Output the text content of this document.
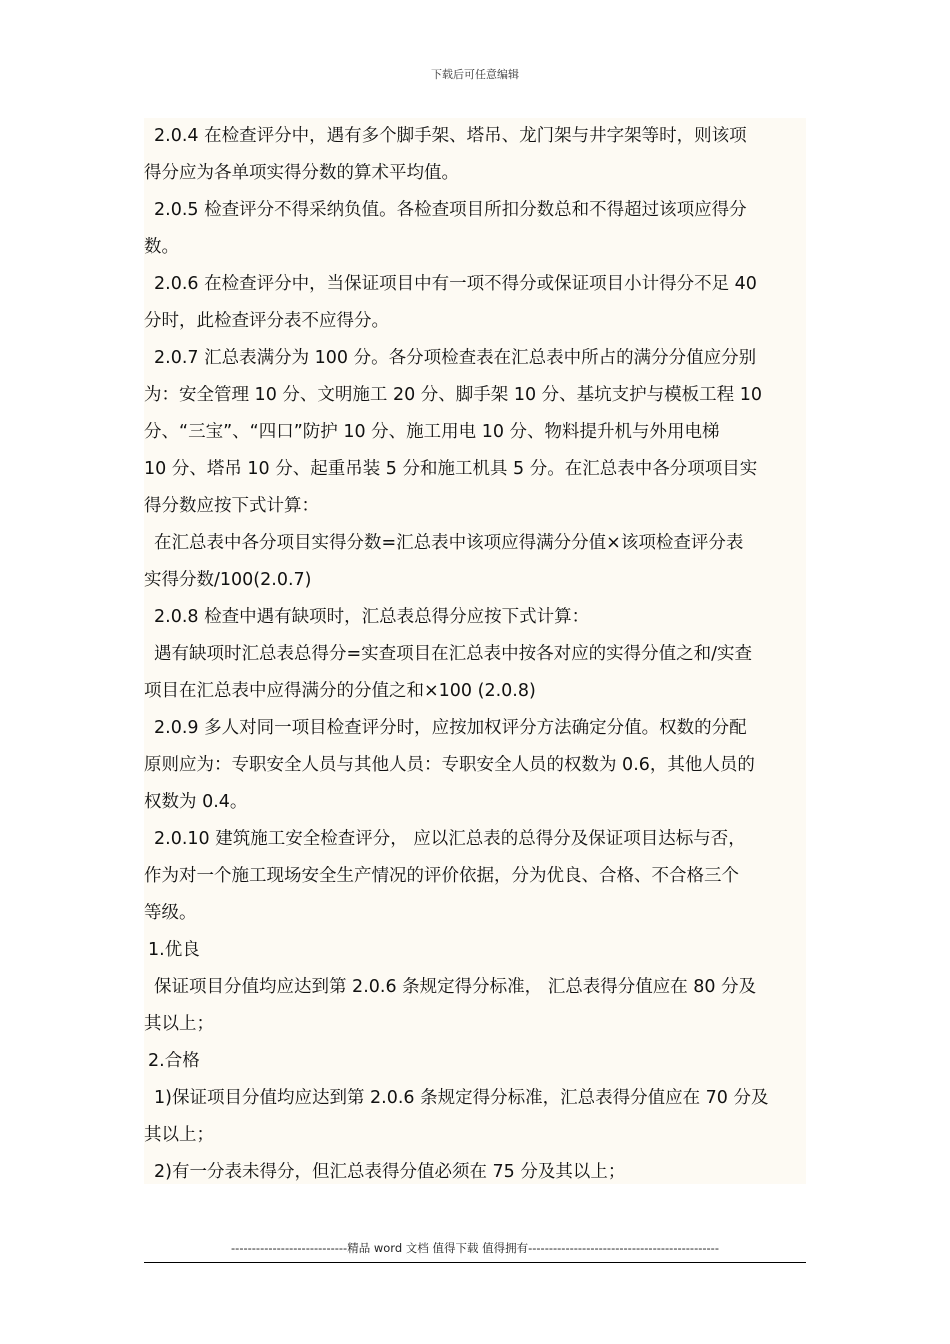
下载后可任意编辑

2.0.4 在检查评分中，遇有多个脚手架、塔吊、龙门架与井字架等时，则该项

得分应为各单项实得分数的算术平均值。

2.0.5 检查评分不得采纳负值。各检查项目所扣分数总和不得超过该项应得分

数。

2.0.6 在检查评分中，当保证项目中有一项不得分或保证项目小计得分不足 40

分时，此检查评分表不应得分。

2.0.7 汇总表满分为 100 分。各分项检查表在汇总表中所占的满分分值应分别

为：安全管理 10 分、文明施工 20 分、脚手架 10 分、基坑支护与模板工程 10

分、“三宝”、“四口”防护 10 分、施工用电 10 分、物料提升机与外用电梯

10 分、塔吊 10 分、起重吊装 5 分和施工机具 5 分。在汇总表中各分项项目实

得分数应按下式计算：

在汇总表中各分项目实得分数=汇总表中该项应得满分分值×该项检查评分表

实得分数/100(2.0.7)

2.0.8 检查中遇有缺项时，汇总表总得分应按下式计算：

遇有缺项时汇总表总得分=实查项目在汇总表中按各对应的实得分值之和/实查

项目在汇总表中应得满分的分值之和×100 (2.0.8)

2.0.9 多人对同一项目检查评分时，应按加权评分方法确定分值。权数的分配

原则应为：专职安全人员与其他人员：专职安全人员的权数为 0.6，其他人员的

权数为 0.4。

2.0.10 建筑施工安全检查评分， 应以汇总表的总得分及保证项目达标与否，

作为对一个施工现场安全生产情况的评价依据，分为优良、合格、不合格三个

等级。

1.优良

保证项目分值均应达到第 2.0.6 条规定得分标准， 汇总表得分值应在 80 分及

其以上；

2.合格

1)保证项目分值均应达到第 2.0.6 条规定得分标准，汇总表得分值应在 70 分及

其以上；

2)有一分表未得分，但汇总表得分值必须在 75 分及其以上；

----------------------------精品 word 文档 值得下载 值得拥有----------------------------------------------
